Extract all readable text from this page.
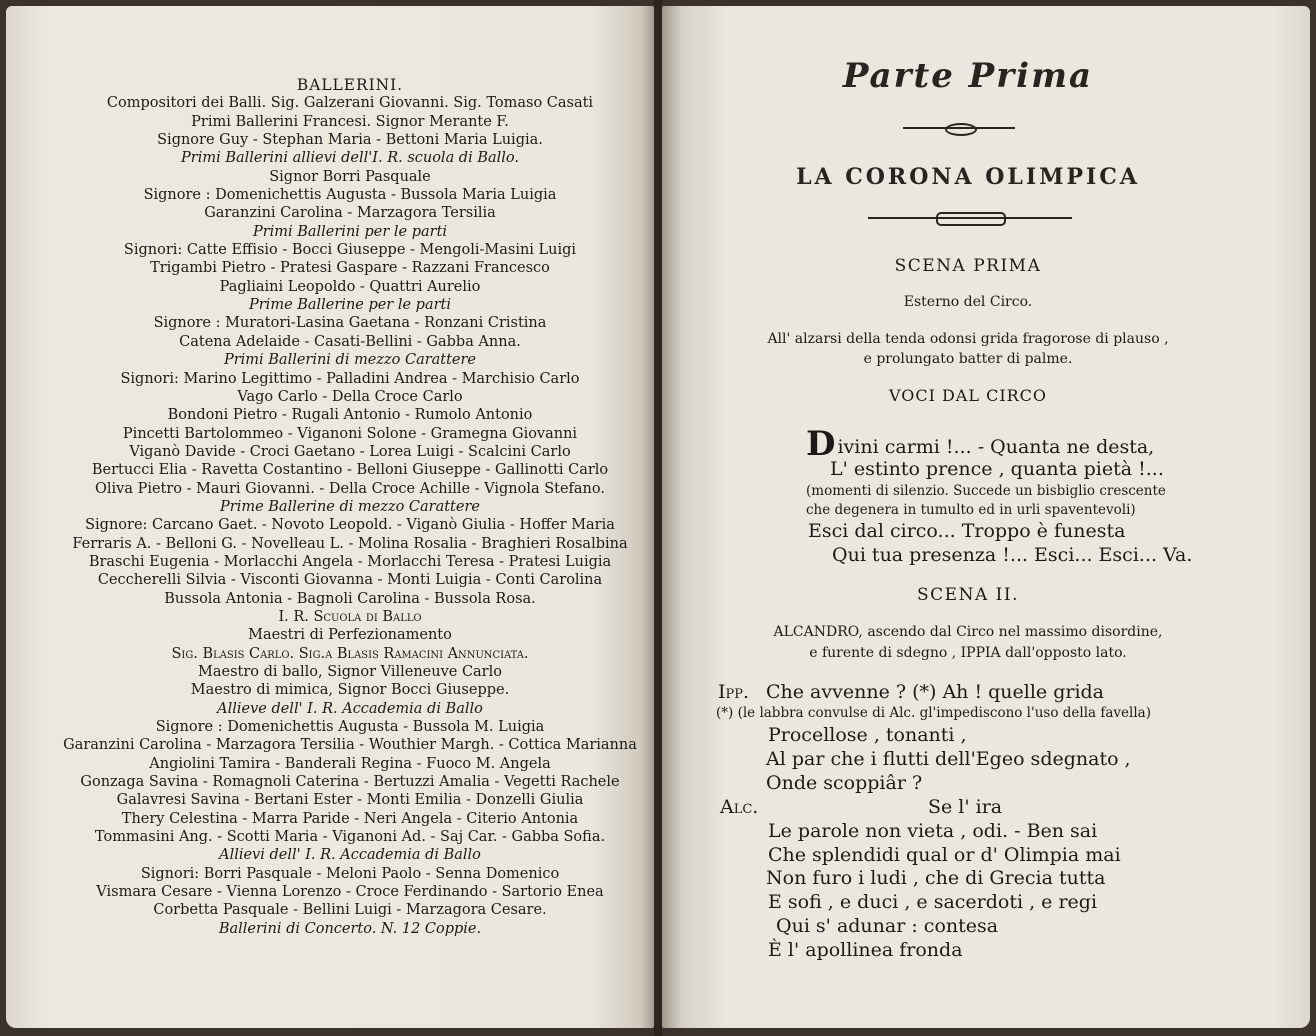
BALLERINI.
Compositori dei Balli. Sig. Galzerani Giovanni. Sig. Tomaso Casati
Primi Ballerini Francesi. Signor Merante F.
Signore Guy - Stephan Maria - Bettoni Maria Luigia.
Primi Ballerini allievi dell'I. R. scuola di Ballo.
Signor Borri Pasquale
Signore : Domenichettis Augusta - Bussola Maria Luigia
Garanzini Carolina - Marzagora Tersilia
Primi Ballerini per le parti
Signori: Catte Effisio - Bocci Giuseppe - Mengoli-Masini Luigi
Trigambi Pietro - Pratesi Gaspare - Razzani Francesco
Pagliaini Leopoldo - Quattri Aurelio
Prime Ballerine per le parti
Signore : Muratori-Lasina Gaetana - Ronzani Cristina
Catena Adelaide - Casati-Bellini - Gabba Anna.
Primi Ballerini di mezzo Carattere
Signori: Marino Legittimo - Palladini Andrea - Marchisio Carlo
Vago Carlo - Della Croce Carlo
Bondoni Pietro - Rugali Antonio - Rumolo Antonio
Pincetti Bartolommeo - Viganoni Solone - Gramegna Giovanni
Viganò Davide - Croci Gaetano - Lorea Luigi - Scalcini Carlo
Bertucci Elia - Ravetta Costantino - Belloni Giuseppe - Gallinotti Carlo
Oliva Pietro - Mauri Giovanni. - Della Croce Achille - Vignola Stefano.
Prime Ballerine di mezzo Carattere
Signore: Carcano Gaet. - Novoto Leopold. - Viganò Giulia - Hoffer Maria
Ferraris A. - Belloni G. - Novelleau L. - Molina Rosalia - Braghieri Rosalbina
Braschi Eugenia - Morlacchi Angela - Morlacchi Teresa - Pratesi Luigia
Ceccherelli Silvia - Visconti Giovanna - Monti Luigia - Conti Carolina
Bussola Antonia - Bagnoli Carolina - Bussola Rosa.
I. R. Scuola di Ballo
Maestri di Perfezionamento
Sig. Blasis Carlo. Sig.a Blasis Ramacini Annunciata.
Maestro di ballo, Signor Villeneuve Carlo
Maestro di mimica, Signor Bocci Giuseppe.
Allieve dell' I. R. Accademia di Ballo
Signore : Domenichettis Augusta - Bussola M. Luigia
Garanzini Carolina - Marzagora Tersilia - Wouthier Margh. - Cottica Marianna
Angiolini Tamira - Banderali Regina - Fuoco M. Angela
Gonzaga Savina - Romagnoli Caterina - Bertuzzi Amalia - Vegetti Rachele
Galavresi Savina - Bertani Ester - Monti Emilia - Donzelli Giulia
Thery Celestina - Marra Paride - Neri Angela - Citerio Antonia
Tommasini Ang. - Scotti Maria - Viganoni Ad. - Saj Car. - Gabba Sofia.
Allievi dell' I. R. Accademia di Ballo
Signori: Borri Pasquale - Meloni Paolo - Senna Domenico
Vismara Cesare - Vienna Lorenzo - Croce Ferdinando - Sartorio Enea
Corbetta Pasquale - Bellini Luigi - Marzagora Cesare.
Ballerini di Concerto. N. 12 Coppie.
Parte Prima
LA CORONA OLIMPICA
SCENA PRIMA
Esterno del Circo.
All' alzarsi della tenda odonsi grida fragorose di plauso ,
e prolungato batter di palme.
VOCI DAL CIRCO
Divini carmi !... - Quanta ne desta,
L' estinto prence , quanta pietà !...
(momenti di silenzio. Succede un bisbiglio crescente
che degenera in tumulto ed in urli spaventevoli)
Esci dal circo... Troppo è funesta
Qui tua presenza !... Esci... Esci... Va.
SCENA II.
ALCANDRO, ascendo dal Circo nel massimo disordine,
e furente di sdegno , IPPIA dall'opposto lato.
Ipp. Che avvenne ? (*) Ah ! quelle grida
(*) (le labbra convulse di Alc. gl'impediscono l'uso della favella)
Procellose , tonanti ,
Al par che i flutti dell'Egeo sdegnato ,
Onde scoppiâr ?
Alc.	Se l' ira
Le parole non vieta , odi. - Ben sai
Che splendidi qual or d' Olimpia mai
Non furo i ludi , che di Grecia tutta
E sofi , e duci , e sacerdoti , e regi
Qui s' adunar : contesa
È l' apollinea fronda
